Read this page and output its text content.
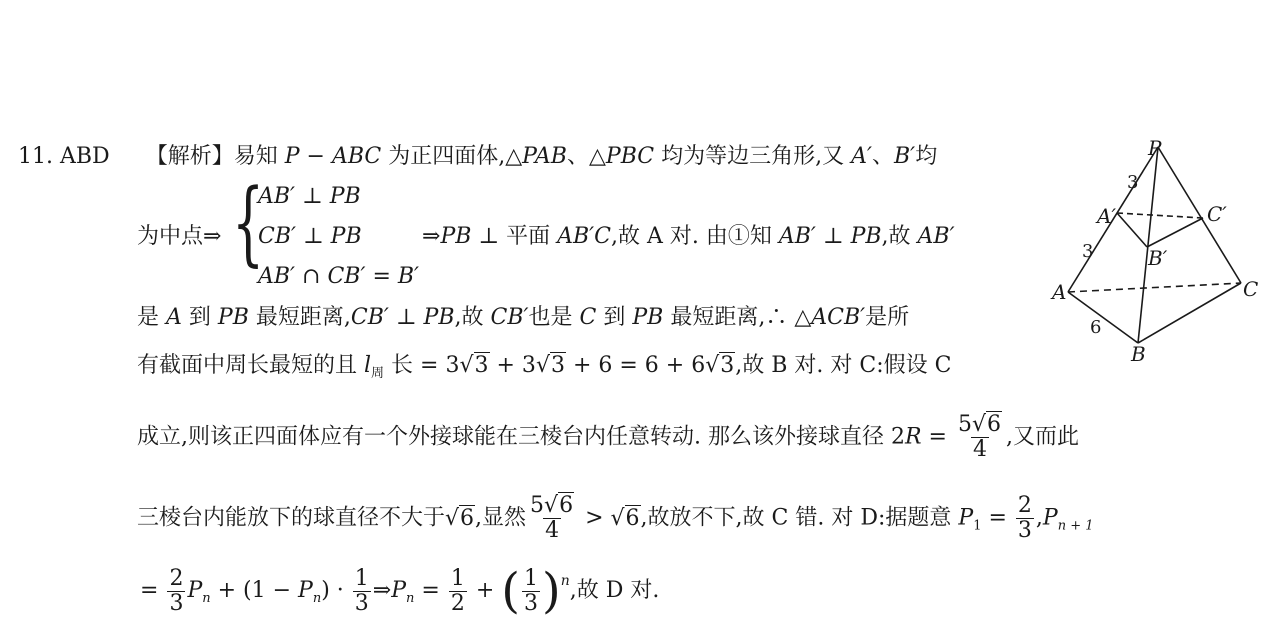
11. ABD 【解析】易知 P − ABC 为正四面体,△PAB、△PBC 均为等边三角形,又 A′、B′均
为中点⇒ {
AB′ ⊥ PB
CB′ ⊥ PB
AB′ ∩ CB′ = B′
⇒PB ⊥ 平面 AB′C,故 A 对. 由①知 AB′ ⊥ PB,故 AB′
是 A 到 PB 最短距离,CB′ ⊥ PB,故 CB′也是 C 到 PB 最短距离,∴ △ACB′是所
有截面中周长最短的且 $l_周$ 长 = 3√3 + 3√3 + 6 = 6 + 6√3,故 B 对. 对 C:假设 C
成立,则该正四面体应有一个外接球能在三棱台内任意转动. 那么该外接球直径 $2R = \frac{5√6}{4}$ ,又而此
三棱台内能放下的球直径不大于√6,显然 $\frac{5√6}{4} > √6$,故放不下,故 C 错. 对 D:据题意 $P_1 = \frac{2}{3} ,P_{n + 1}$
= $\frac{2}{3} P_n + (1 - P_n) \cdot \frac{1}{3}$ $\Rightarrow P_n = \frac{1}{2}$ + ( $\frac{1}{3} )^n$,故 D 对.
P
A′	C′
B′
A
B
C
3
3
6
